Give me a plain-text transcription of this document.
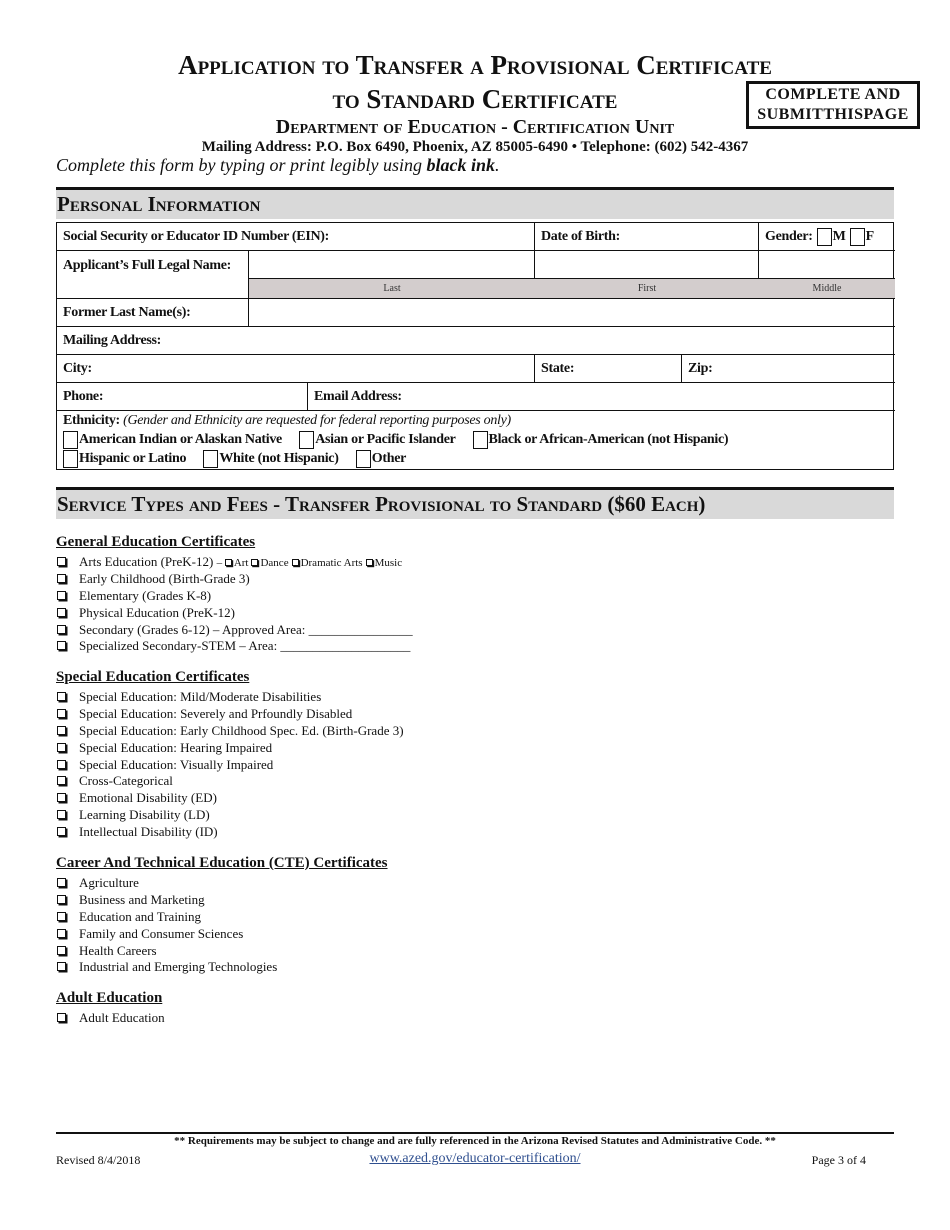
Application to Transfer a Provisional Certificate
to Standard Certificate
Department of Education - Certification Unit
Mailing Address: P.O. Box 6490, Phoenix, AZ 85005-6490 • Telephone: (602) 542-4367
Complete this form by typing or print legibly using black ink.
COMPLETE AND
SUBMITTHISPAGE
Personal Information
Social Security or Educator ID Number (EIN):	Date of Birth:	Gender: M F
Applicant’s Full Legal Name:
Last	First	Middle
Former Last Name(s):
Mailing Address:
City:	State:	Zip:
Phone:	Email Address:
Ethnicity: (Gender and Ethnicity are requested for federal reporting purposes only)
American Indian or Alaskan Native Asian or Pacific Islander Black or African-American (not Hispanic)
Hispanic or Latino White (not Hispanic) Other
Service Types and Fees - Transfer Provisional to Standard ($60 Each)
General Education Certificates
Arts Education (PreK-12) – Art Dance Dramatic Arts Music
Early Childhood (Birth-Grade 3)
Elementary (Grades K-8)
Physical Education (PreK-12)
Secondary (Grades 6-12) – Approved Area: ________________
Specialized Secondary-STEM – Area: ____________________
Special Education Certificates
Special Education: Mild/Moderate Disabilities
Special Education: Severely and Prfoundly Disabled
Special Education: Early Childhood Spec. Ed. (Birth-Grade 3)
Special Education: Hearing Impaired
Special Education: Visually Impaired
Cross-Categorical
Emotional Disability (ED)
Learning Disability (LD)
Intellectual Disability (ID)
Career And Technical Education (CTE) Certificates
Agriculture
Business and Marketing
Education and Training
Family and Consumer Sciences
Health Careers
Industrial and Emerging Technologies
Adult Education
Adult Education
** Requirements may be subject to change and are fully referenced in the Arizona Revised Statutes and Administrative Code. **
Revised 8/4/2018	www.azed.gov/educator-certification/	Page 3 of 4
